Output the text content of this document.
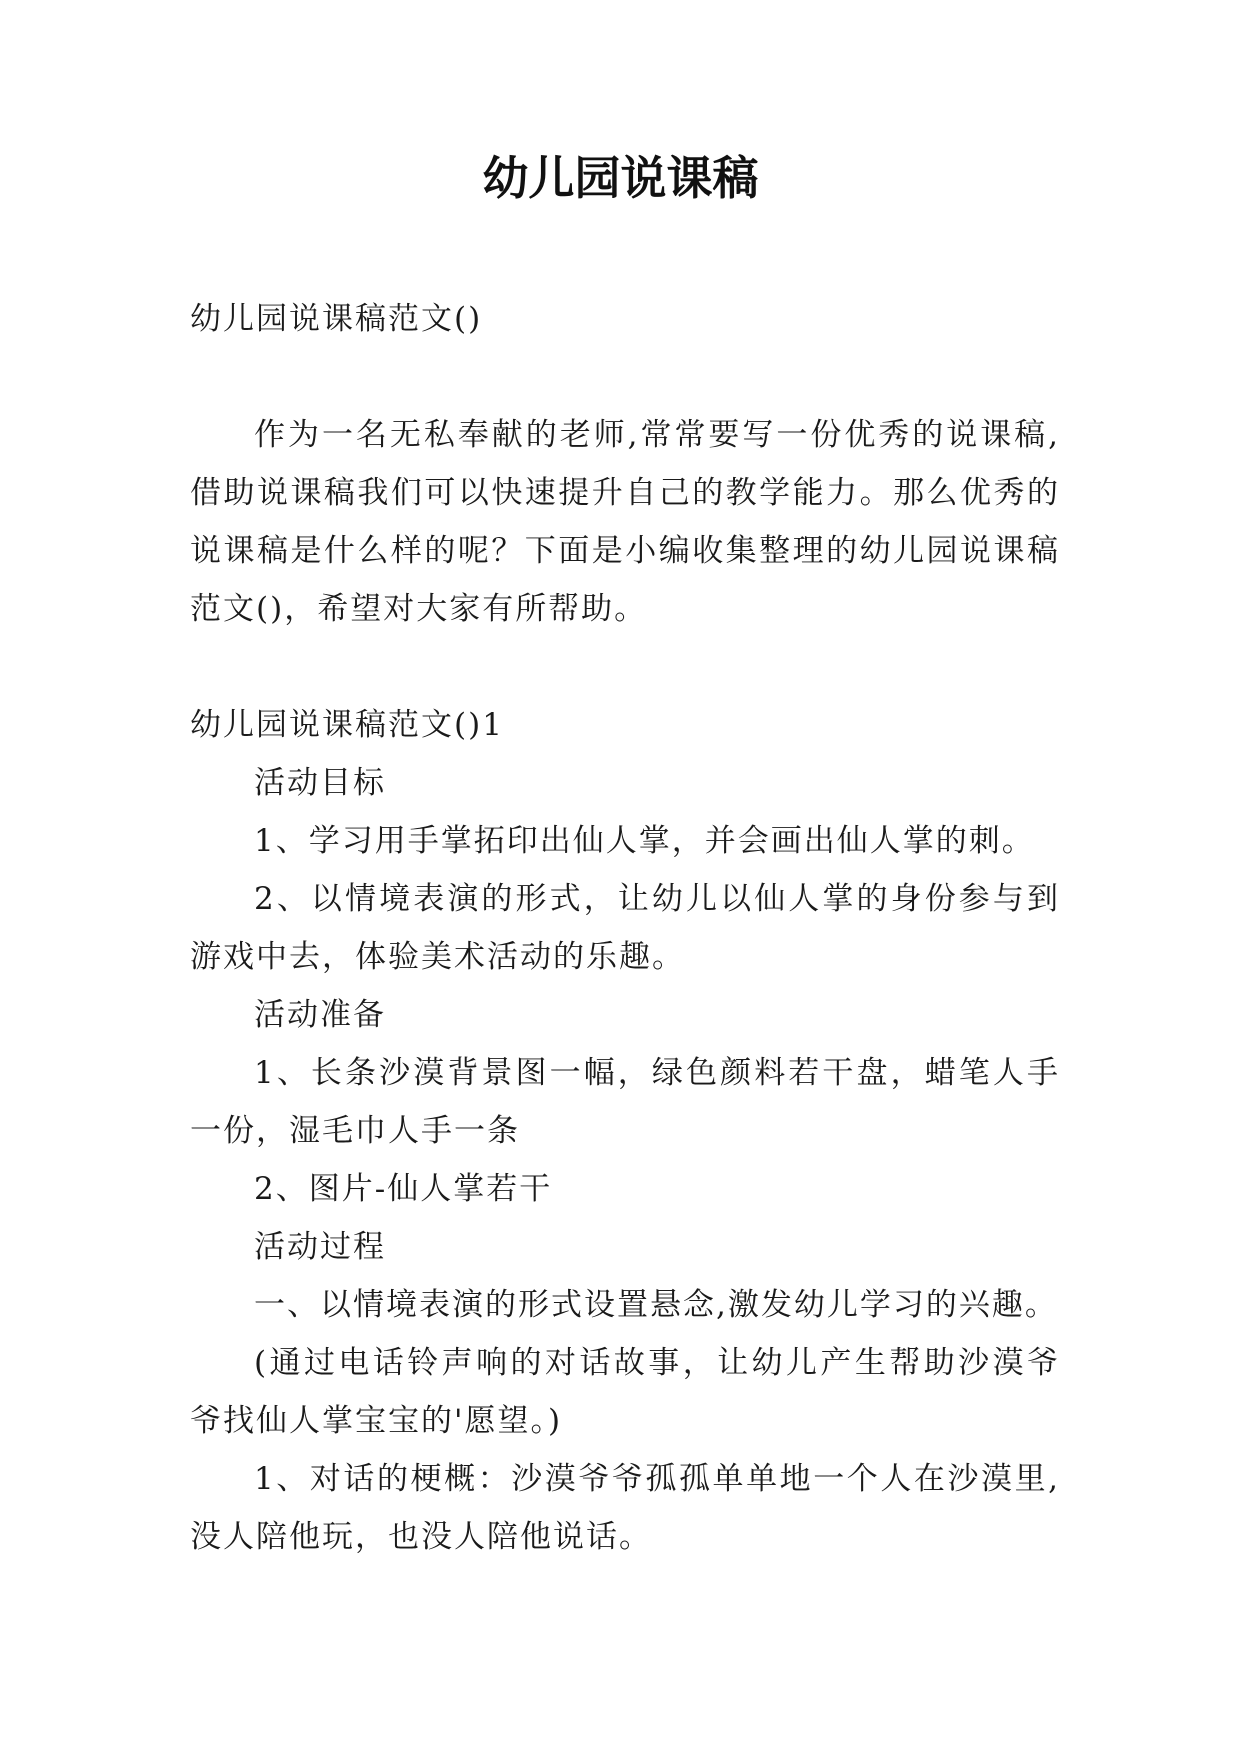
幼儿园说课稿

幼儿园说课稿范文()

作为一名无私奉献的老师,常常要写一份优秀的说课稿,借助说课稿我们可以快速提升自己的教学能力。那么优秀的说课稿是什么样的呢？下面是小编收集整理的幼儿园说课稿范文()，希望对大家有所帮助。

幼儿园说课稿范文()1

活动目标

1、学习用手掌拓印出仙人掌，并会画出仙人掌的刺。

2、以情境表演的形式，让幼儿以仙人掌的身份参与到游戏中去，体验美术活动的乐趣。

活动准备

1、长条沙漠背景图一幅，绿色颜料若干盘，蜡笔人手一份，湿毛巾人手一条

2、图片-仙人掌若干

活动过程

一、以情境表演的形式设置悬念,激发幼儿学习的兴趣。

(通过电话铃声响的对话故事，让幼儿产生帮助沙漠爷爷找仙人掌宝宝的'愿望。)

1、对话的梗概：沙漠爷爷孤孤单单地一个人在沙漠里,没人陪他玩，也没人陪他说话。
